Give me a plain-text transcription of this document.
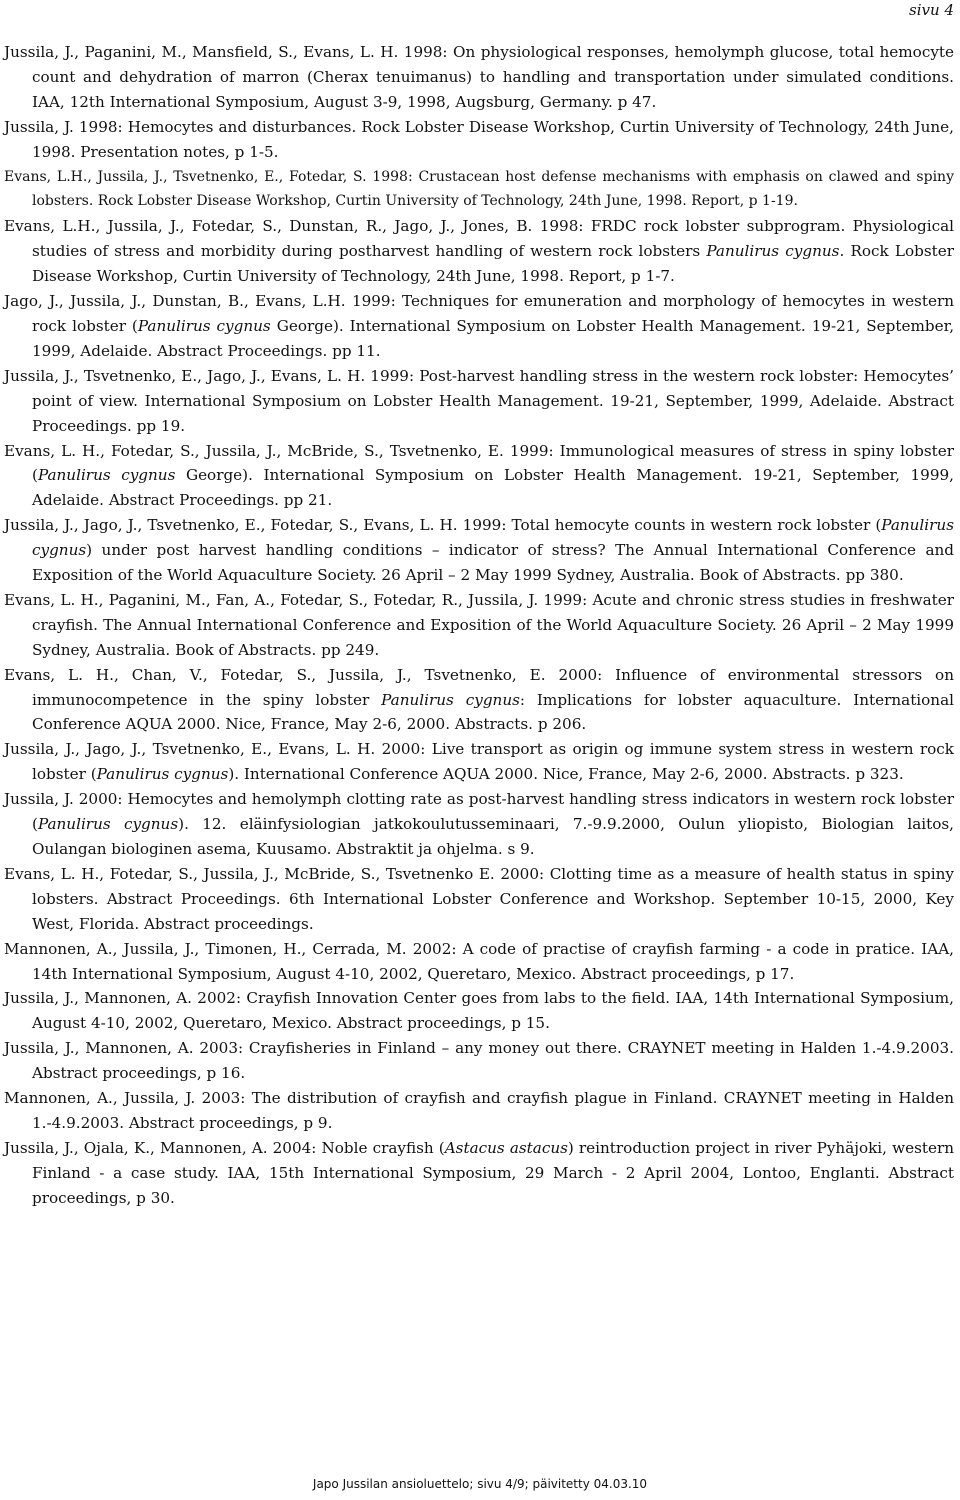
sivu 4

Jussila, J., Paganini, M., Mansfield, S., Evans, L. H. 1998: On physiological responses, hemolymph glucose, total hemocyte count and dehydration of marron (Cherax tenuimanus) to handling and transportation under simulated conditions. IAA, 12th International Symposium, August 3-9, 1998, Augsburg, Germany. p 47.

Jussila, J. 1998: Hemocytes and disturbances. Rock Lobster Disease Workshop, Curtin University of Technology, 24th June, 1998. Presentation notes, p 1-5.

Evans, L.H., Jussila, J., Tsvetnenko, E., Fotedar, S. 1998: Crustacean host defense mechanisms with emphasis on clawed and spiny lobsters. Rock Lobster Disease Workshop, Curtin University of Technology, 24th June, 1998. Report, p 1-19.

Evans, L.H., Jussila, J., Fotedar, S., Dunstan, R., Jago, J., Jones, B. 1998: FRDC rock lobster subprogram. Physiological studies of stress and morbidity during postharvest handling of western rock lobsters Panulirus cygnus. Rock Lobster Disease Workshop, Curtin University of Technology, 24th June, 1998. Report, p 1-7.

Jago, J., Jussila, J., Dunstan, B., Evans, L.H. 1999: Techniques for emuneration and morphology of hemocytes in western rock lobster (Panulirus cygnus George). International Symposium on Lobster Health Management. 19-21, September, 1999, Adelaide. Abstract Proceedings. pp 11.

Jussila, J., Tsvetnenko, E., Jago, J., Evans, L. H. 1999: Post-harvest handling stress in the western rock lobster: Hemocytes’ point of view. International Symposium on Lobster Health Management. 19-21, September, 1999, Adelaide. Abstract Proceedings. pp 19.

Evans, L. H., Fotedar, S., Jussila, J., McBride, S., Tsvetnenko, E. 1999: Immunological measures of stress in spiny lobster (Panulirus cygnus George). International Symposium on Lobster Health Management. 19-21, September, 1999, Adelaide. Abstract Proceedings. pp 21.

Jussila, J., Jago, J., Tsvetnenko, E., Fotedar, S., Evans, L. H. 1999: Total hemocyte counts in western rock lobster (Panulirus cygnus) under post harvest handling conditions – indicator of stress? The Annual International Conference and Exposition of the World Aquaculture Society. 26 April – 2 May 1999 Sydney, Australia. Book of Abstracts. pp 380.

Evans, L. H., Paganini, M., Fan, A., Fotedar, S., Fotedar, R., Jussila, J. 1999: Acute and chronic stress studies in freshwater crayfish. The Annual International Conference and Exposition of the World Aquaculture Society. 26 April – 2 May 1999 Sydney, Australia. Book of Abstracts. pp 249.

Evans, L. H., Chan, V., Fotedar, S., Jussila, J., Tsvetnenko, E. 2000: Influence of environmental stressors on immunocompetence in the spiny lobster Panulirus cygnus: Implications for lobster aquaculture. International Conference AQUA 2000. Nice, France, May 2-6, 2000. Abstracts. p 206.

Jussila, J., Jago, J., Tsvetnenko, E., Evans, L. H. 2000: Live transport as origin og immune system stress in western rock lobster (Panulirus cygnus). International Conference AQUA 2000. Nice, France, May 2-6, 2000. Abstracts. p 323.

Jussila, J. 2000: Hemocytes and hemolymph clotting rate as post-harvest handling stress indicators in western rock lobster (Panulirus cygnus). 12. eläinfysiologian jatkokoulutusseminaari, 7.-9.9.2000, Oulun yliopisto, Biologian laitos, Oulangan biologinen asema, Kuusamo. Abstraktit ja ohjelma. s 9.

Evans, L. H., Fotedar, S., Jussila, J., McBride, S., Tsvetnenko E. 2000: Clotting time as a measure of health status in spiny lobsters. Abstract Proceedings. 6th International Lobster Conference and Workshop. September 10-15, 2000, Key West, Florida. Abstract proceedings.

Mannonen, A., Jussila, J., Timonen, H., Cerrada, M. 2002: A code of practise of crayfish farming - a code in pratice. IAA, 14th International Symposium, August 4-10, 2002, Queretaro, Mexico. Abstract proceedings, p 17.

Jussila, J., Mannonen, A. 2002: Crayfish Innovation Center goes from labs to the field. IAA, 14th International Symposium, August 4-10, 2002, Queretaro, Mexico. Abstract proceedings, p 15.

Jussila, J., Mannonen, A. 2003: Crayfisheries in Finland – any money out there. CRAYNET meeting in Halden 1.-4.9.2003. Abstract proceedings, p 16.

Mannonen, A., Jussila, J. 2003: The distribution of crayfish and crayfish plague in Finland. CRAYNET meeting in Halden 1.-4.9.2003. Abstract proceedings, p 9.

Jussila, J., Ojala, K., Mannonen, A. 2004: Noble crayfish (Astacus astacus) reintroduction project in river Pyhäjoki, western Finland - a case study. IAA, 15th International Symposium, 29 March - 2 April 2004, Lontoo, Englanti. Abstract proceedings, p 30.

Japo Jussilan ansioluettelo; sivu 4/9; päivitetty 04.03.10
